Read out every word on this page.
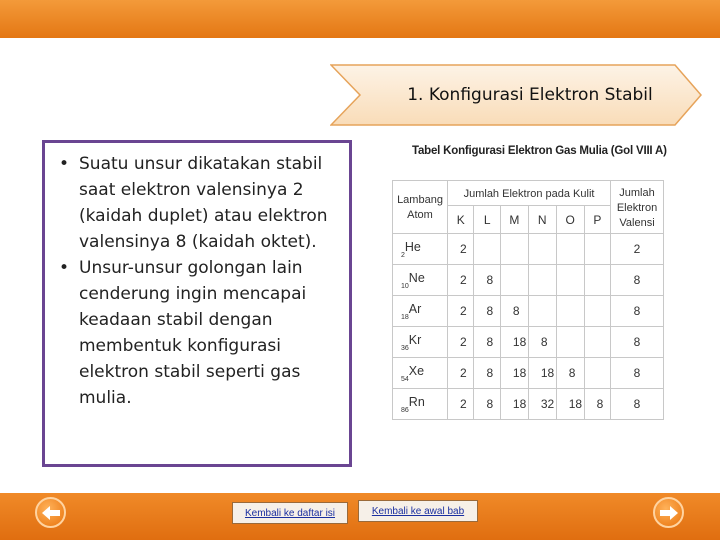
1. Konfigurasi Elektron Stabil
• Suatu unsur dikatakan stabil saat elektron valensinya 2 (kaidah duplet) atau elektron valensinya 8 (kaidah oktet).
• Unsur-unsur golongan lain cenderung ingin mencapai keadaan stabil dengan membentuk konfigurasi elektron stabil seperti gas mulia.
Tabel Konfigurasi Elektron Gas Mulia (Gol VIII A)
Lambang Atom	Jumlah Elektron pada Kulit						Jumlah Elektron Valensi
	K	L	M	N	O	P	
$_2$He	2						2
$_{10}$Ne	2	8					8
$_{18}$Ar	2	8	8				8
$_{36}$Kr	2	8	18	8			8
$_{54}$Xe	2	8	18	18	8		8
$_{86}$Rn	2	8	18	32	18	8	8
Kembali ke daftar isi	Kembali ke awal bab
